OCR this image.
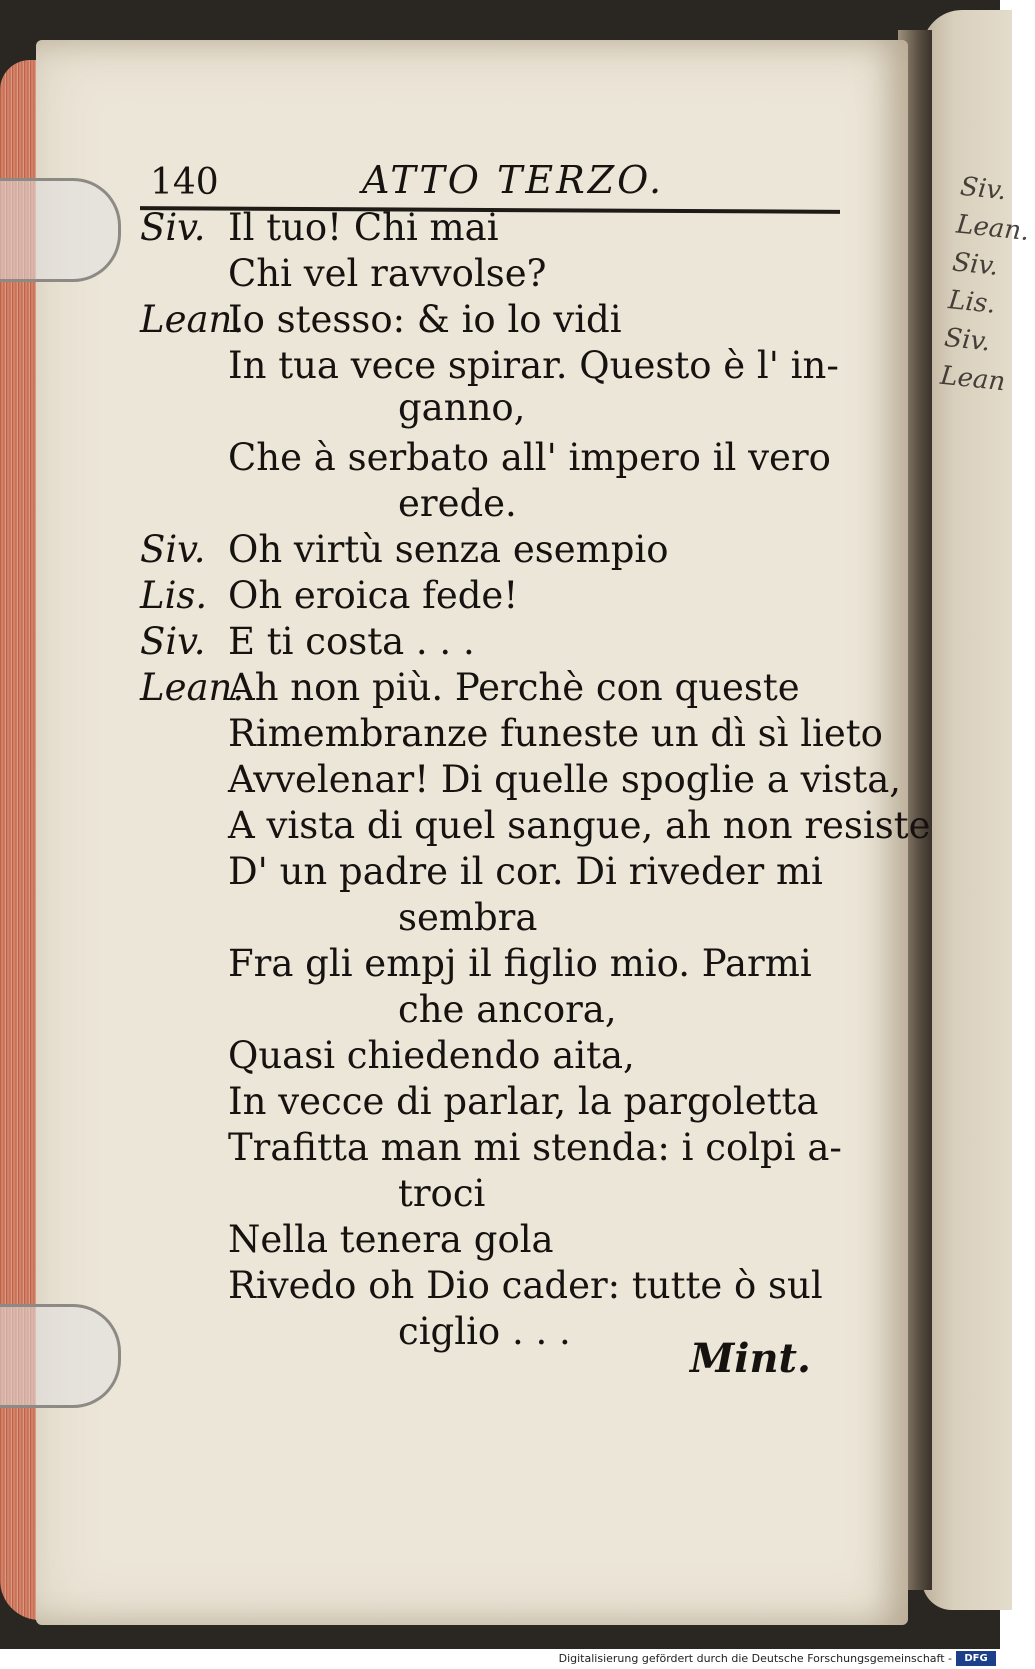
Siv.
Lean.
Siv.
Lis.
Siv.
Lean
140	ATTO TERZO.
Siv. Il tuo! Chi mai
Chi vel ravvolse?
Lean.
Io stesso: & io lo vidi
In tua vece spirar. Questo è l' in-
ganno,
Che à serbato all' impero il vero
erede.
Siv. Oh virtù senza esempio
Lis. Oh eroica fede!
Siv. E ti costa . . .
Lean.
Ah non più. Perchè con queste
Rimembranze funeste un dì sì lieto
Avvelenar! Di quelle spoglie a vista,
A vista di quel sangue, ah non resiste
D' un padre il cor. Di riveder mi
sembra
Fra gli empj il figlio mio. Parmi
che ancora,
Quasi chiedendo aita,
In vecce di parlar, la pargoletta
Trafitta man mi stenda: i colpi a-
troci
Nella tenera gola
Rivedo oh Dio cader: tutte ò sul
ciglio . . .
Mint.
Digitalisierung gefördert durch die Deutsche Forschungsgemeinschaft -	DFG
